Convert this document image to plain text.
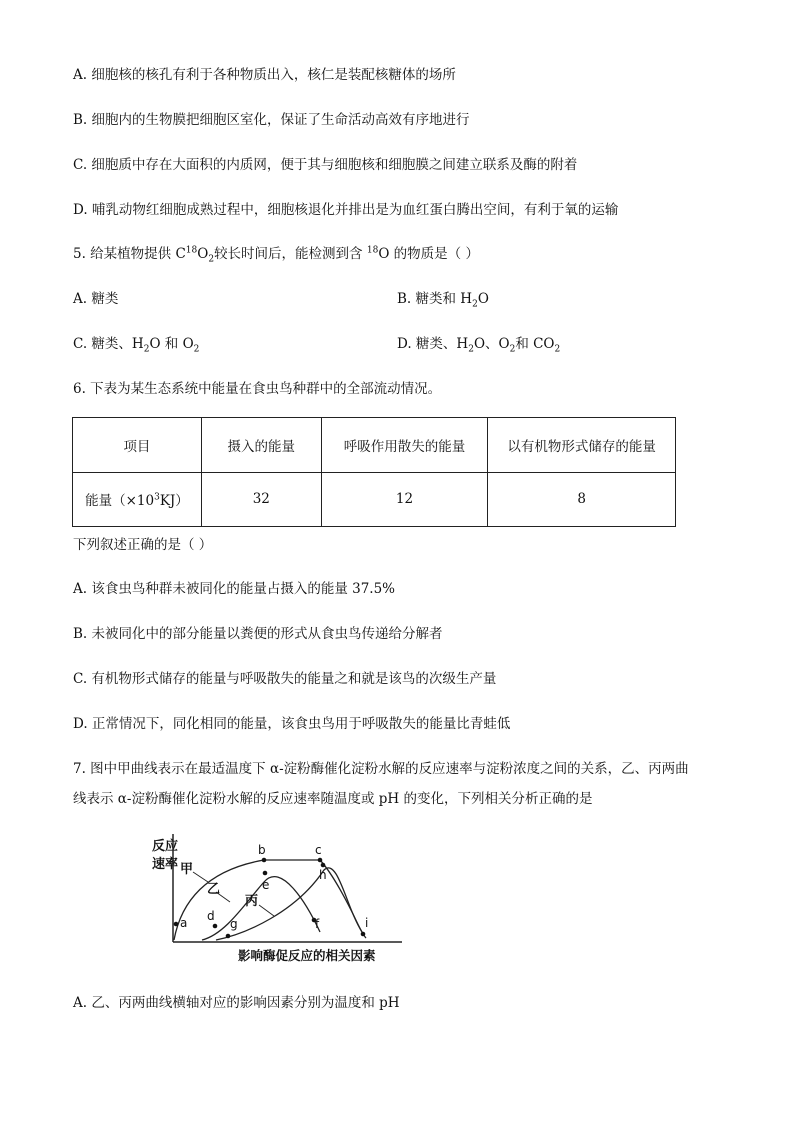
A. 细胞核的核孔有利于各种物质出入，核仁是装配核糖体的场所
B. 细胞内的生物膜把细胞区室化，保证了生命活动高效有序地进行
C. 细胞质中存在大面积的内质网，便于其与细胞核和细胞膜之间建立联系及酶的附着
D. 哺乳动物红细胞成熟过程中，细胞核退化并排出是为血红蛋白腾出空间，有利于氧的运输
5. 给某植物提供 $C^{18}O_2$较长时间后，能检测到含 $^{18}$O 的物质是（ ）
A. 糖类	B. 糖类和 $H_2O$
C. 糖类、$H_2O$ 和 $O_2$	D. 糖类、$H_2O$、$O_2$和 $CO_2$
6. 下表为某生态系统中能量在食虫鸟种群中的全部流动情况。
项目	摄入的能量	呼吸作用散失的能量	以有机物形式储存的能量
能量$(\times 10^3KJ)$	32	12	8
下列叙述正确的是（ ）
A. 该食虫鸟种群未被同化的能量占摄入的能量 37.5%
B. 未被同化中的部分能量以粪便的形式从食虫鸟传递给分解者
C. 有机物形式储存的能量与呼吸散失的能量之和就是该鸟的次级生产量
D. 正常情况下，同化相同的能量，该食虫鸟用于呼吸散失的能量比青蛙低
7. 图中甲曲线表示在最适温度下 α-淀粉酶催化淀粉水解的反应速率与淀粉浓度之间的关系，乙、丙两曲
线表示 α-淀粉酶催化淀粉水解的反应速率随温度或 pH 的变化，下列相关分析正确的是
反应
速率
影响酶促反应的相关因素
甲
乙
丙
a
b	c
d
e
f
g
h
i
A. 乙、丙两曲线横轴对应的影响因素分别为温度和 pH
